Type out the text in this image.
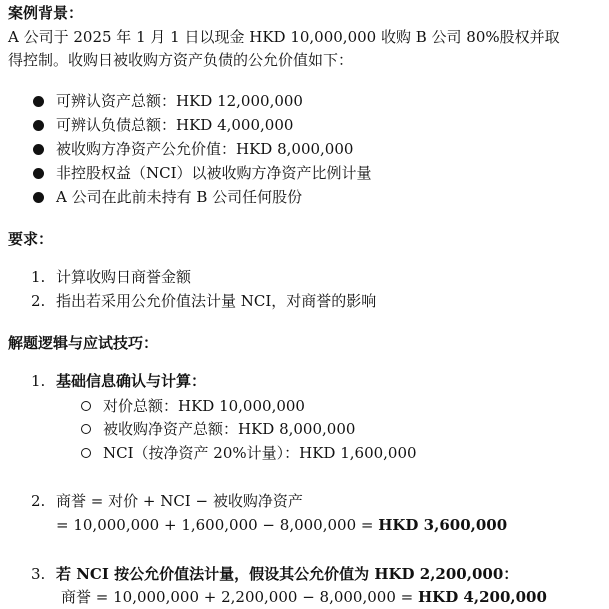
案例背景：
A 公司于 2025 年 1 月 1 日以现金 HKD 10,000,000 收购 B 公司 80%股权并取
得控制。收购日被收购方资产负债的公允价值如下：
可辨认资产总额：HKD 12,000,000
可辨认负债总额：HKD 4,000,000
被收购方净资产公允价值：HKD 8,000,000
非控股权益（NCI）以被收购方净资产比例计量
A 公司在此前未持有 B 公司任何股份
要求：
1. 计算收购日商誉金额
2. 指出若采用公允价值法计量 NCI，对商誉的影响
解题逻辑与应试技巧：
1. 基础信息确认与计算：
对价总额：HKD 10,000,000
被收购净资产总额：HKD 8,000,000
NCI（按净资产 20%计量）：HKD 1,600,000
2. 商誉 = 对价 + NCI − 被收购净资产
= 10,000,000 + 1,600,000 − 8,000,000 = HKD 3,600,000
3. 若 NCI 按公允价值法计量，假设其公允价值为 HKD 2,200,000：
商誉 = 10,000,000 + 2,200,000 − 8,000,000 = HKD 4,200,000
